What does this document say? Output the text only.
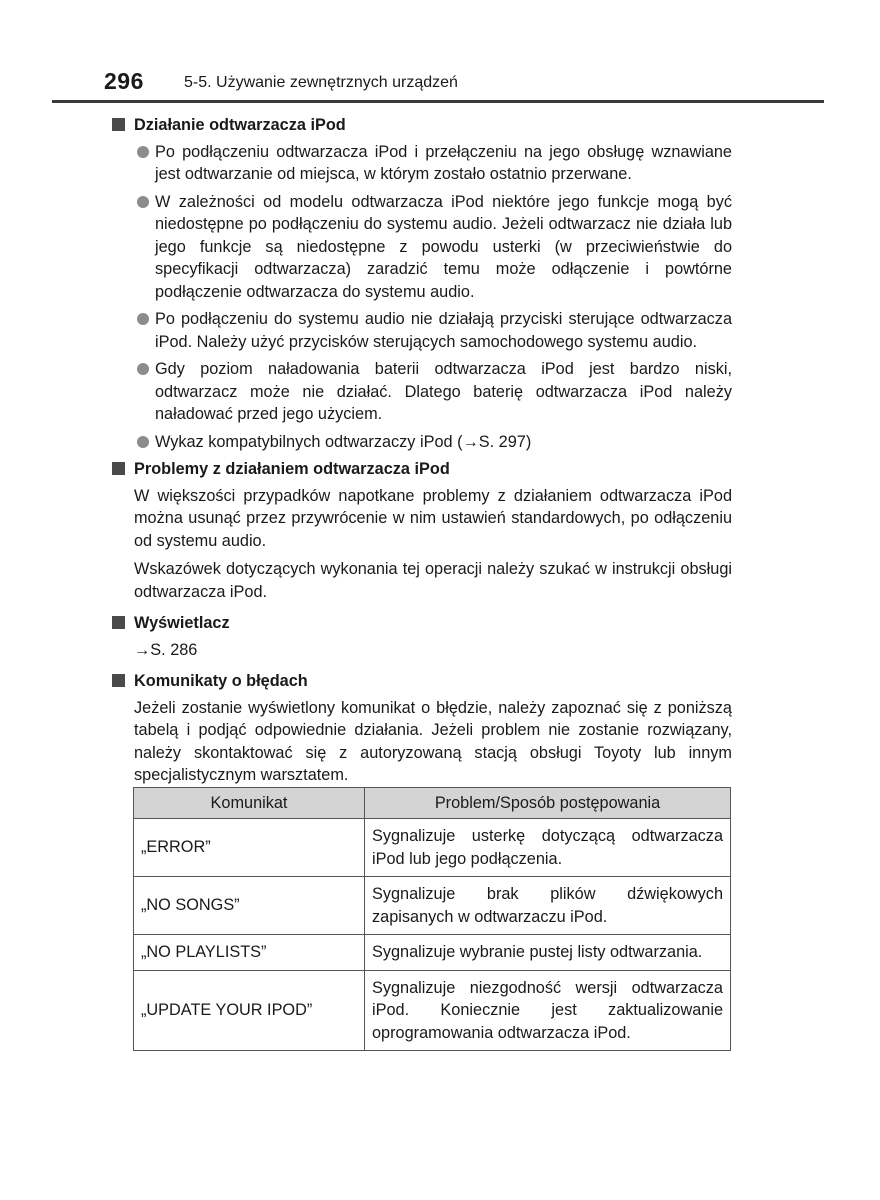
296	5-5. Używanie zewnętrznych urządzeń
Działanie odtwarzacza iPod
Po podłączeniu odtwarzacza iPod i przełączeniu na jego obsługę wznawiane jest odtwarzanie od miejsca, w którym zostało ostatnio przerwane.
W zależności od modelu odtwarzacza iPod niektóre jego funkcje mogą być niedostępne po podłączeniu do systemu audio. Jeżeli odtwarzacz nie działa lub jego funkcje są niedostępne z powodu usterki (w przeciwieństwie do specyfikacji odtwarzacza) zaradzić temu może odłączenie i powtórne podłączenie odtwarzacza do systemu audio.
Po podłączeniu do systemu audio nie działają przyciski sterujące odtwarzacza iPod. Należy użyć przycisków sterujących samochodowego systemu audio.
Gdy poziom naładowania baterii odtwarzacza iPod jest bardzo niski, odtwarzacz może nie działać. Dlatego baterię odtwarzacza iPod należy naładować przed jego użyciem.
Wykaz kompatybilnych odtwarzaczy iPod (→S. 297)
Problemy z działaniem odtwarzacza iPod

W większości przypadków napotkane problemy z działaniem odtwarzacza iPod można usunąć przez przywrócenie w nim ustawień standardowych, po odłączeniu od systemu audio.

Wskazówek dotyczących wykonania tej operacji należy szukać w instrukcji obsługi odtwarzacza iPod.

Wyświetlacz

→S. 286

Komunikaty o błędach

Jeżeli zostanie wyświetlony komunikat o błędzie, należy zapoznać się z poniższą tabelą i podjąć odpowiednie działania. Jeżeli problem nie zostanie rozwiązany, należy skontaktować się z autoryzowaną stacją obsługi Toyoty lub innym specjalistycznym warsztatem.

Komunikat	Problem/Sposób postępowania
„ERROR”	Sygnalizuje usterkę dotyczącą odtwarzacza iPod lub jego podłączenia.
„NO SONGS”	Sygnalizuje brak plików dźwiękowych zapisanych w odtwarzaczu iPod.
„NO PLAYLISTS”	Sygnalizuje wybranie pustej listy odtwarzania.
„UPDATE YOUR IPOD”	Sygnalizuje niezgodność wersji odtwarzacza iPod. Koniecznie jest zaktualizowanie oprogramowania odtwarzacza iPod.
